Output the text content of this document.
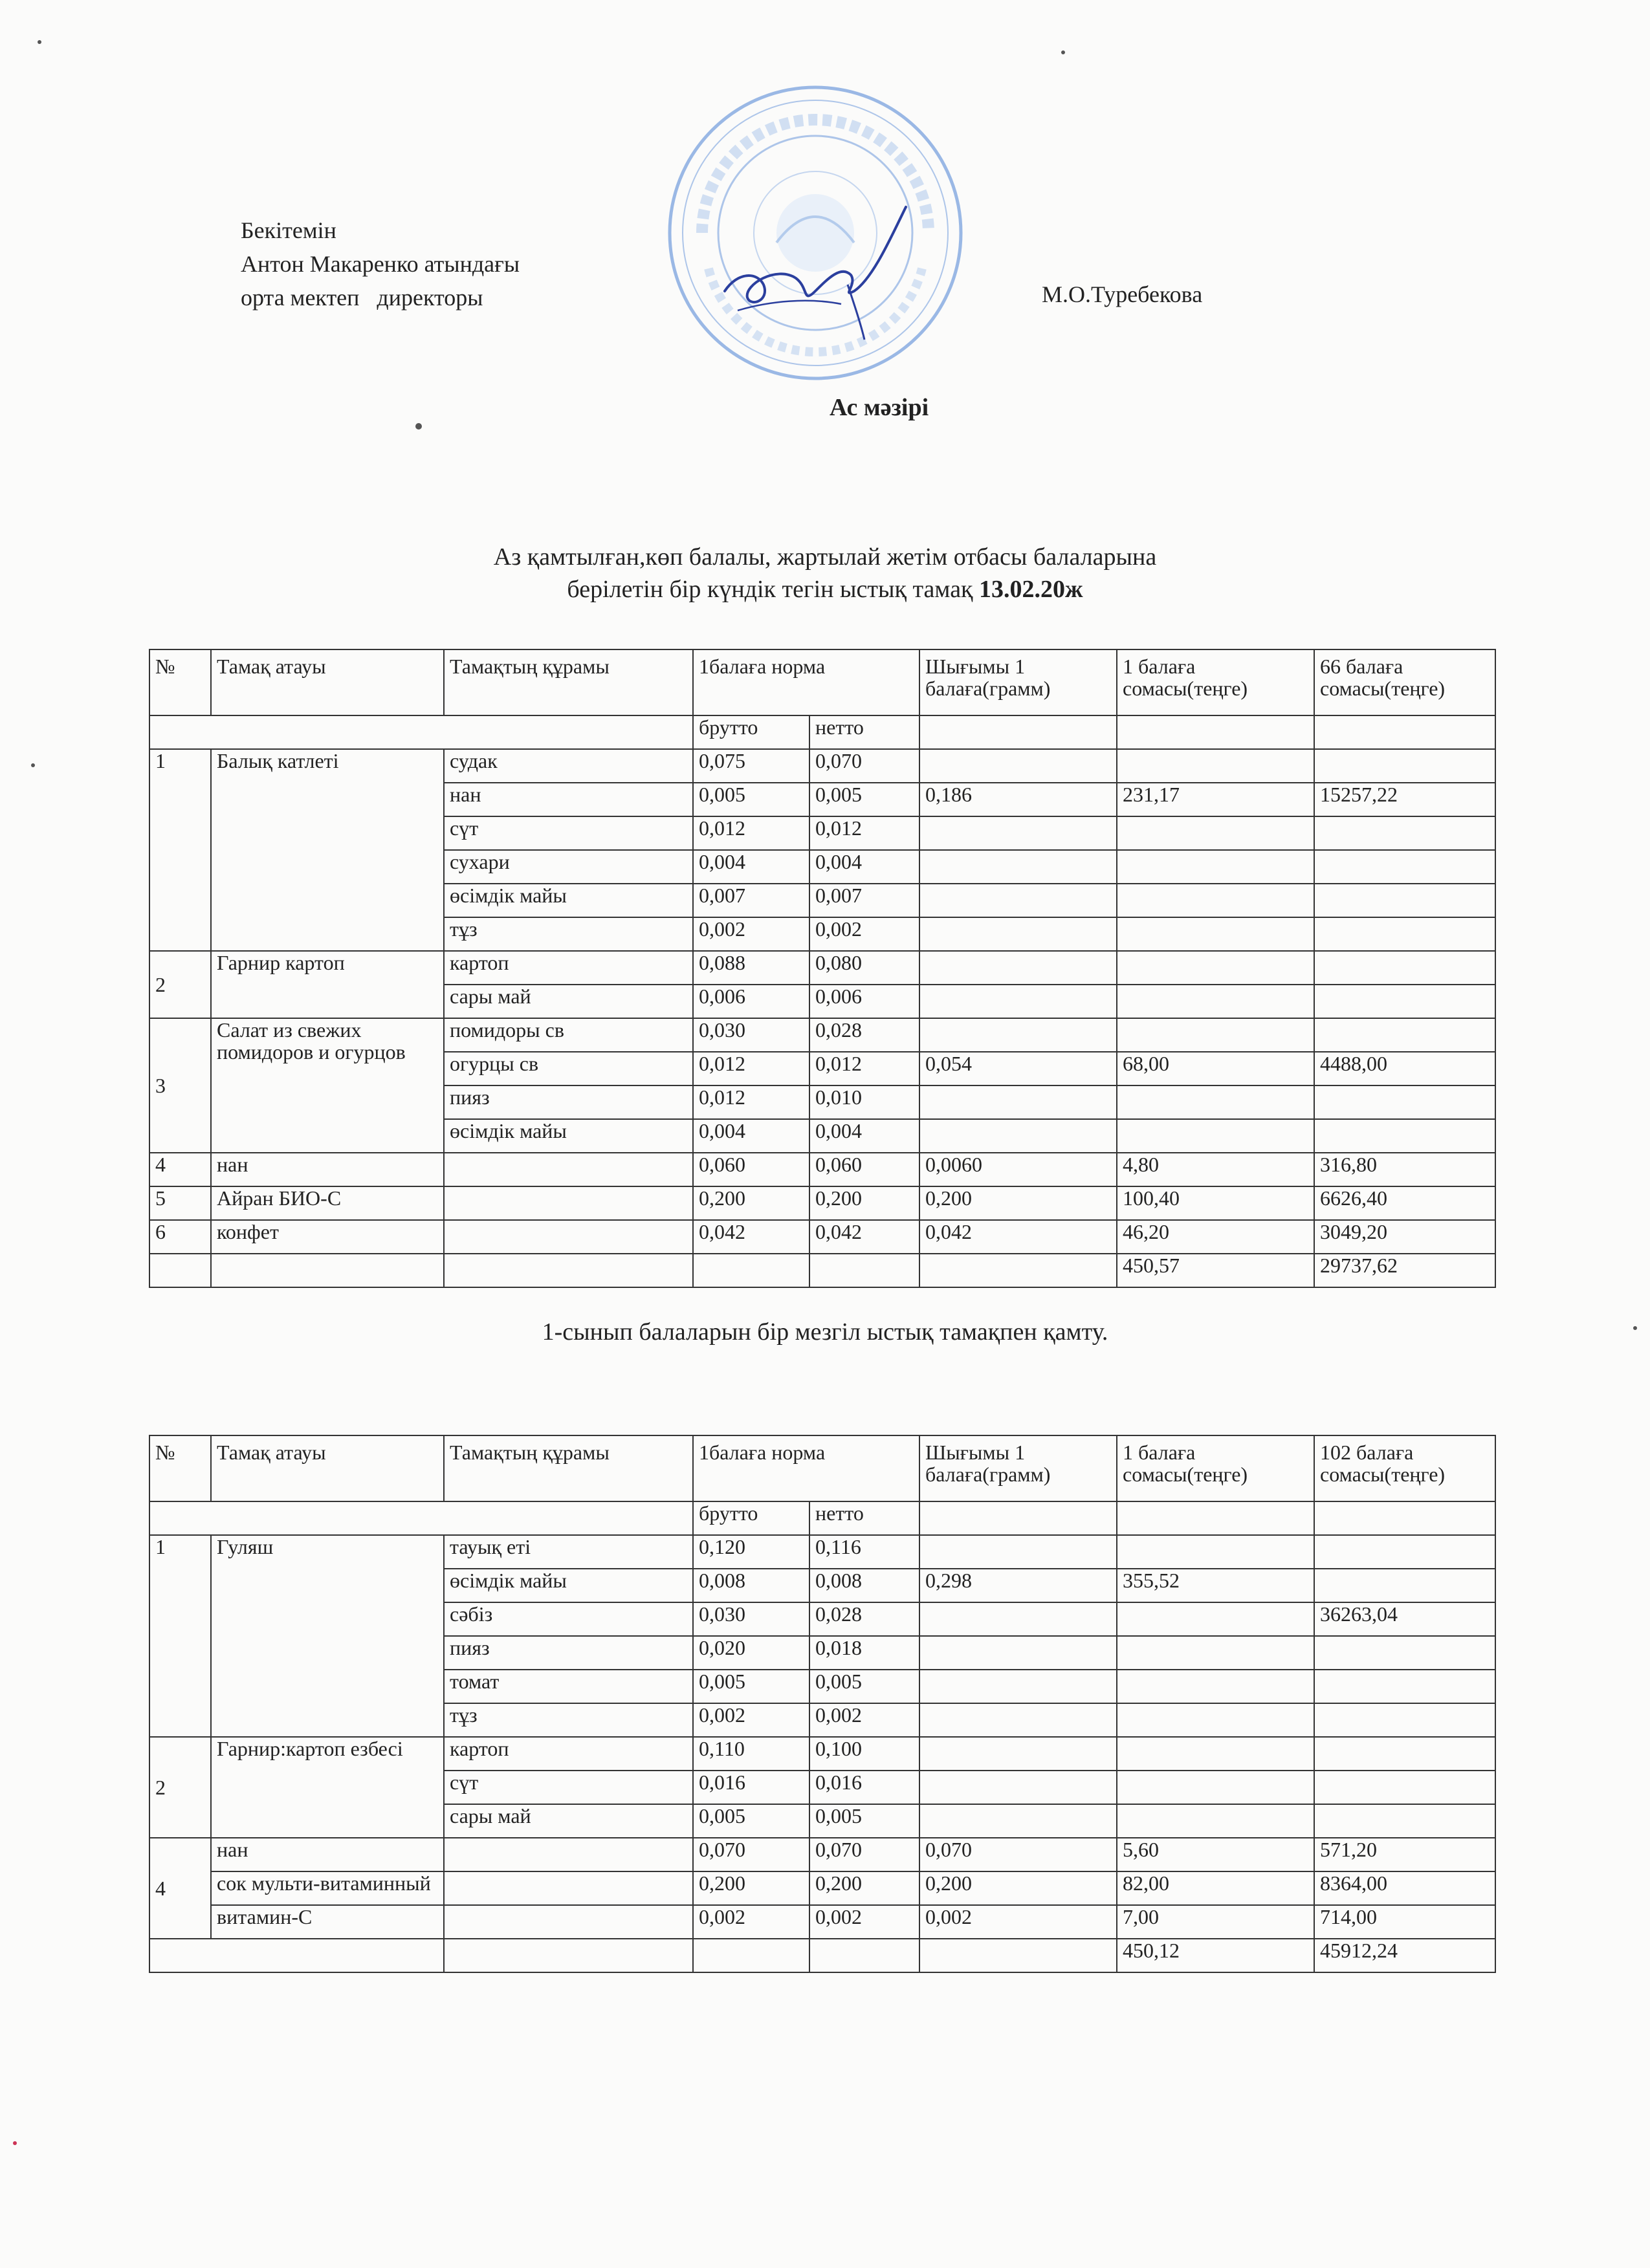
Бекітемін
Антон Макаренко атындағы
орта мектеп   директоры	М.О.Туребекова
Ас мәзірі
Аз қамтылған,көп балалы, жартылай жетім отбасы балаларына
берілетін бір күндік тегін ыстық тамақ 13.02.20ж
№	Тамақ атауы	Тамақтың құрамы	1балаға норма		Шығымы 1 балаға(грамм)	1 балаға сомасы(теңге)	66 балаға сомасы(теңге)
			брутто	нетто			
1	Балық катлеті	судак	0,075	0,070			
		нан	0,005	0,005	0,186	231,17	15257,22
		сүт	0,012	0,012			
		сухари	0,004	0,004			
		өсімдік майы	0,007	0,007			
		тұз	0,002	0,002			
2	Гарнир картоп	картоп	0,088	0,080			
		сары май	0,006	0,006			
3	Салат из свежих помидоров и огурцов	помидоры св	0,030	0,028			
		огурцы св	0,012	0,012	0,054	68,00	4488,00
		пияз	0,012	0,010			
		өсімдік майы	0,004	0,004			
4	нан		0,060	0,060	0,0060	4,80	316,80
5	Айран БИО-С		0,200	0,200	0,200	100,40	6626,40
6	конфет		0,042	0,042	0,042	46,20	3049,20
						450,57	29737,62
1-сынып балаларын бір мезгіл ыстық тамақпен қамту.
№	Тамақ атауы	Тамақтың құрамы	1балаға норма		Шығымы 1 балаға(грамм)	1 балаға сомасы(теңге)	102 балаға сомасы(теңге)
			брутто	нетто			
1	Гуляш	тауық еті	0,120	0,116			
		өсімдік майы	0,008	0,008	0,298	355,52	
		сәбіз	0,030	0,028			36263,04
		пияз	0,020	0,018			
		томат	0,005	0,005			
		тұз	0,002	0,002			
2	Гарнир:картоп езбесі	картоп	0,110	0,100			
		сүт	0,016	0,016			
		сары май	0,005	0,005			
4	нан		0,070	0,070	0,070	5,60	571,20
	сок мульти-витаминный		0,200	0,200	0,200	82,00	8364,00
	витамин-С		0,002	0,002	0,002	7,00	714,00
						450,12	45912,24
